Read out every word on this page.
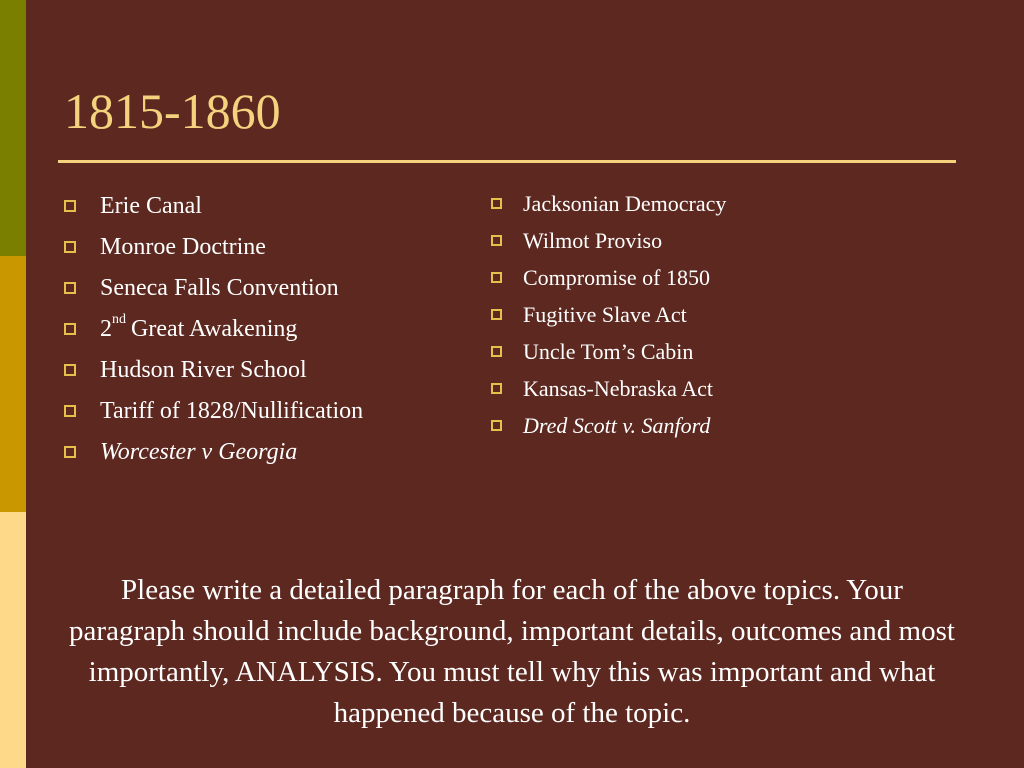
1815-1860
Erie Canal
Monroe Doctrine
Seneca Falls Convention
2nd Great Awakening
Hudson River School
Tariff of 1828/Nullification
Worcester v Georgia
Jacksonian Democracy
Wilmot Proviso
Compromise of 1850
Fugitive Slave Act
Uncle Tom’s Cabin
Kansas-Nebraska Act
Dred Scott v. Sanford

Please write a detailed paragraph for each of the above topics. Your paragraph should include background, important details, outcomes and most importantly, ANALYSIS. You must tell why this was important and what happened because of the topic.
